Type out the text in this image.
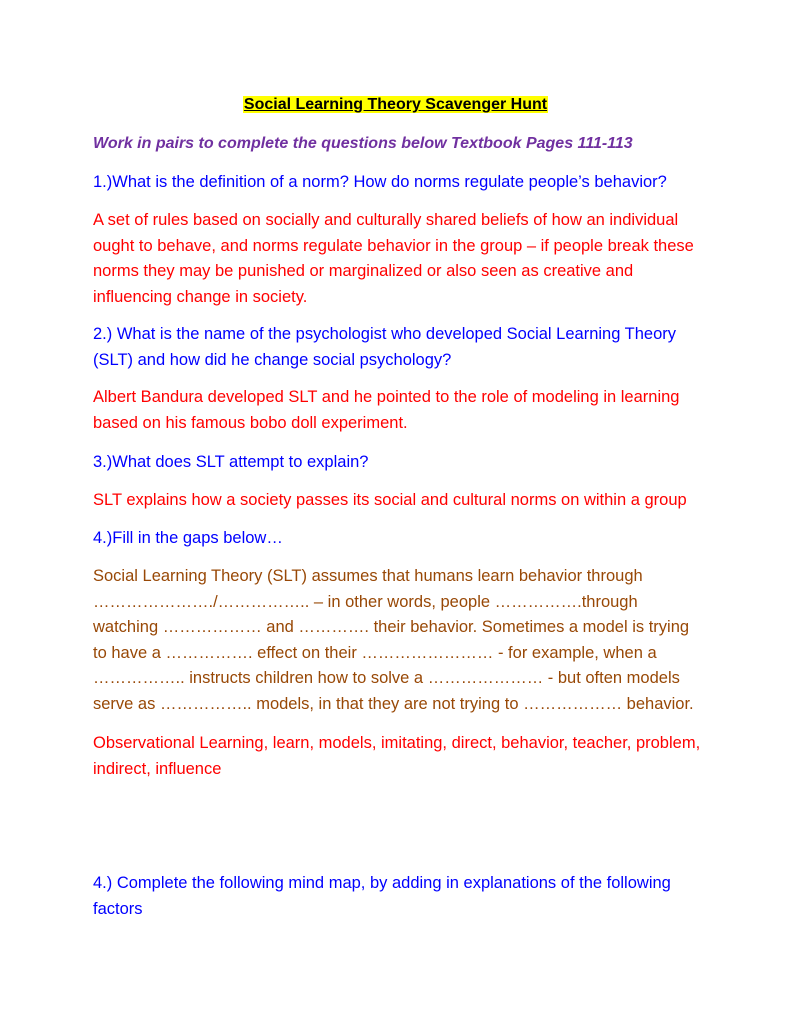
Social Learning Theory Scavenger Hunt

Work in pairs to complete the questions below Textbook Pages 111-113

1.)What is the definition of a norm? How do norms regulate people’s behavior?

A set of rules based on socially and culturally shared beliefs of how an individual ought to behave, and norms regulate behavior in the group – if people break these norms they may be punished or marginalized or also seen as creative and influencing change in society.

2.) What is the name of the psychologist who developed Social Learning Theory (SLT) and how did he change social psychology?

Albert Bandura developed SLT and he pointed to the role of modeling in learning based on his famous bobo doll experiment.

3.)What does SLT attempt to explain?

SLT explains how a society passes its social and cultural norms on within a group

4.)Fill in the gaps below…

Social Learning Theory (SLT) assumes that humans learn behavior through …………………./…………….. – in other words, people …………….through watching ……………… and …………. their behavior. Sometimes a model is trying to have a ……………. effect on their …………………… - for example, when a …………….. instructs children how to solve a ………………… - but often models serve as …………….. models, in that they are not trying to ……………… behavior.

Observational Learning, learn, models, imitating, direct, behavior, teacher, problem, indirect, influence

4.) Complete the following mind map, by adding in explanations of the following factors
